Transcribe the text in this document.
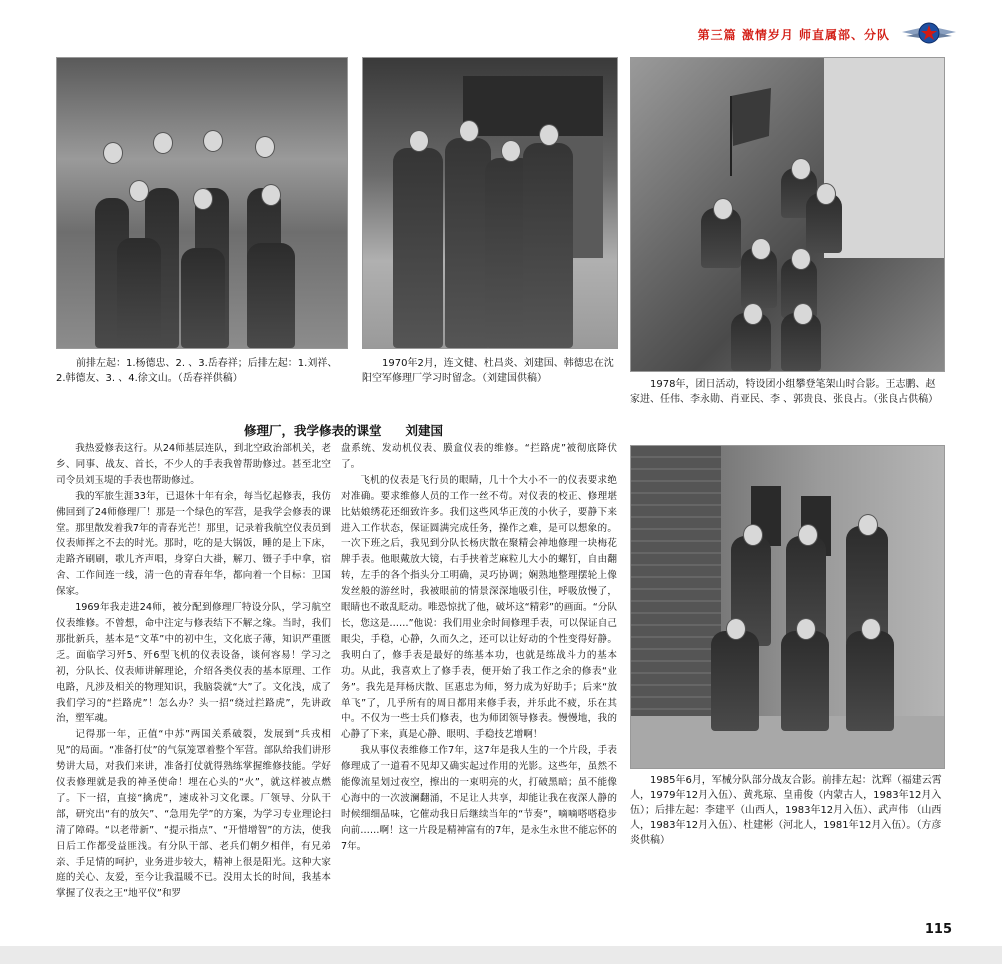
第三篇 激情岁月 师直属部、分队
前排左起：1.杨德忠、2. 、3.岳春祥；后排左起：1.刘祥、2.韩德友、3. 、4.徐文山。（岳春祥供稿）
1970年2月，连文健、杜昌炎、刘建国、韩德忠在沈阳空军修理厂学习时留念。（刘建国供稿）
1978年，团日活动，特设团小组攀登笔架山时合影。王志鹏、赵家进、任伟、李永勋、肖亚民、李 、郭贵良、张良占。（张良占供稿）
修理厂，我学修表的课堂 刘建国

我热爱修表这行。从24师基层连队，到北空政治部机关，老乡、同事、战友、首长，不少人的手表我曾帮助修过。甚至北空司令员刘玉堤的手表也帮助修过。

我的军旅生涯33年，已退休十年有余，每当忆起修表，我仿佛回到了24师修理厂！那是一个绿色的军营，是我学会修表的课堂。那里散发着我7年的青春光芒！那里，记录着我航空仪表员到仪表师挥之不去的时光。那时，吃的是大锅饭，睡的是上下床，走路齐刷刷，歌儿齐声唱，身穿白大褂，解刀、镊子手中拿，宿舍、工作间连一线，清一色的青春年华，都向着一个目标：卫国保家。

1969年我走进24师，被分配到修理厂特设分队，学习航空仪表维修。不曾想，命中注定与修表结下不解之缘。当时，我们那批新兵，基本是“文革”中的初中生，文化底子薄，知识严重匮乏。面临学习歼5、歼6型飞机的仪表设备，谈何容易！学习之初，分队长、仪表师讲解理论，介绍各类仪表的基本原理、工作电路，凡涉及相关的物理知识，我脑袋就“大”了。文化浅，成了我们学习的“拦路虎”！怎么办？头一招“绕过拦路虎”，先讲政治，塑军魂。

记得那一年，正值“中苏”两国关系破裂，发展到“兵戎相见”的局面。“准备打仗”的气氛笼罩着整个军营。部队给我们讲形势讲大局，对我们来讲，准备打仗就得熟练掌握维修技能。学好仪表修理就是我的神圣使命！埋在心头的“火”，就这样被点燃了。下一招，直接“擒虎”，速成补习文化课。厂领导、分队干部，研究出“有的放矢”、“急用先学”的方案，为学习专业理论扫清了障碍。“以老带新”、“提示指点”、“开惜增智”的方法，使我日后工作都受益匪浅。有分队干部、老兵们朝夕相伴，有兄弟亲、手足情的呵护，业务进步较大，精神上很是阳光。这种大家庭的关心、友爱，至今让我温暖不已。没用太长的时间，我基本掌握了仪表之王“地平仪”和罗

盘系统、发动机仪表、膜盒仪表的维修。“拦路虎”被彻底降伏了。

飞机的仪表是飞行员的眼睛，几十个大小不一的仪表要求绝对准确。要求维修人员的工作一丝不苟。对仪表的校正、修理堪比姑娘绣花还细致许多。我们这些风华正茂的小伙子，要静下来进入工作状态，保证圆满完成任务，操作之难，是可以想象的。一次下班之后，我见到分队长杨庆散在聚精会神地修理一块梅花牌手表。他眼戴放大镜，右手挟着芝麻粒儿大小的螺钉，自由翻转，左手的各个指头分工明确，灵巧协调；娴熟地整理摆轮上像发丝般的游丝时，我被眼前的情景深深地吸引住，呼吸放慢了，眼睛也不敢乱眨动。唯恐惊扰了他，破坏这“精彩”的画面。“分队长，您这是……”他说：我们用业余时间修理手表，可以保证自己眼尖，手稳，心静，久而久之，还可以让好动的个性变得好静。我明白了，修手表是最好的练基本功，也就是练战斗力的基本功。从此，我喜欢上了修手表，便开始了我工作之余的修表“业务”。我先是拜杨庆散、匡惠忠为师，努力成为好助手；后来“放单飞”了，几乎所有的周日都用来修手表，并乐此不疲，乐在其中。不仅为一些士兵们修表，也为师团领导修表。慢慢地，我的心静了下来，真是心静、眼明、手稳技艺增啊！

我从事仪表维修工作7年，这7年是我人生的一个片段，手表修理成了一道看不见却又确实起过作用的光影。这些年，虽然不能像流星划过夜空，擦出的一束明亮的火，打破黑暗；虽不能像心海中的一次波澜翻涌，不足让人共享，却能让我在夜深人静的时候细细品味，它催动我日后继续当年的“节奏”，嘀嘀嗒嗒稳步向前……啊！这一片段是精神富有的7年，是永生永世不能忘怀的7年。

1985年6月，军械分队部分战友合影。前排左起：沈辉（福建云霄人，1979年12月入伍）、黄兆琼、皇甫俊（内蒙古人，1983年12月入伍）；后排左起：李建平（山西人，1983年12月入伍）、武声伟 （山西人，1983年12月入伍）、杜建彬（河北人，1981年12月入伍）。（方彦炎供稿）
115
